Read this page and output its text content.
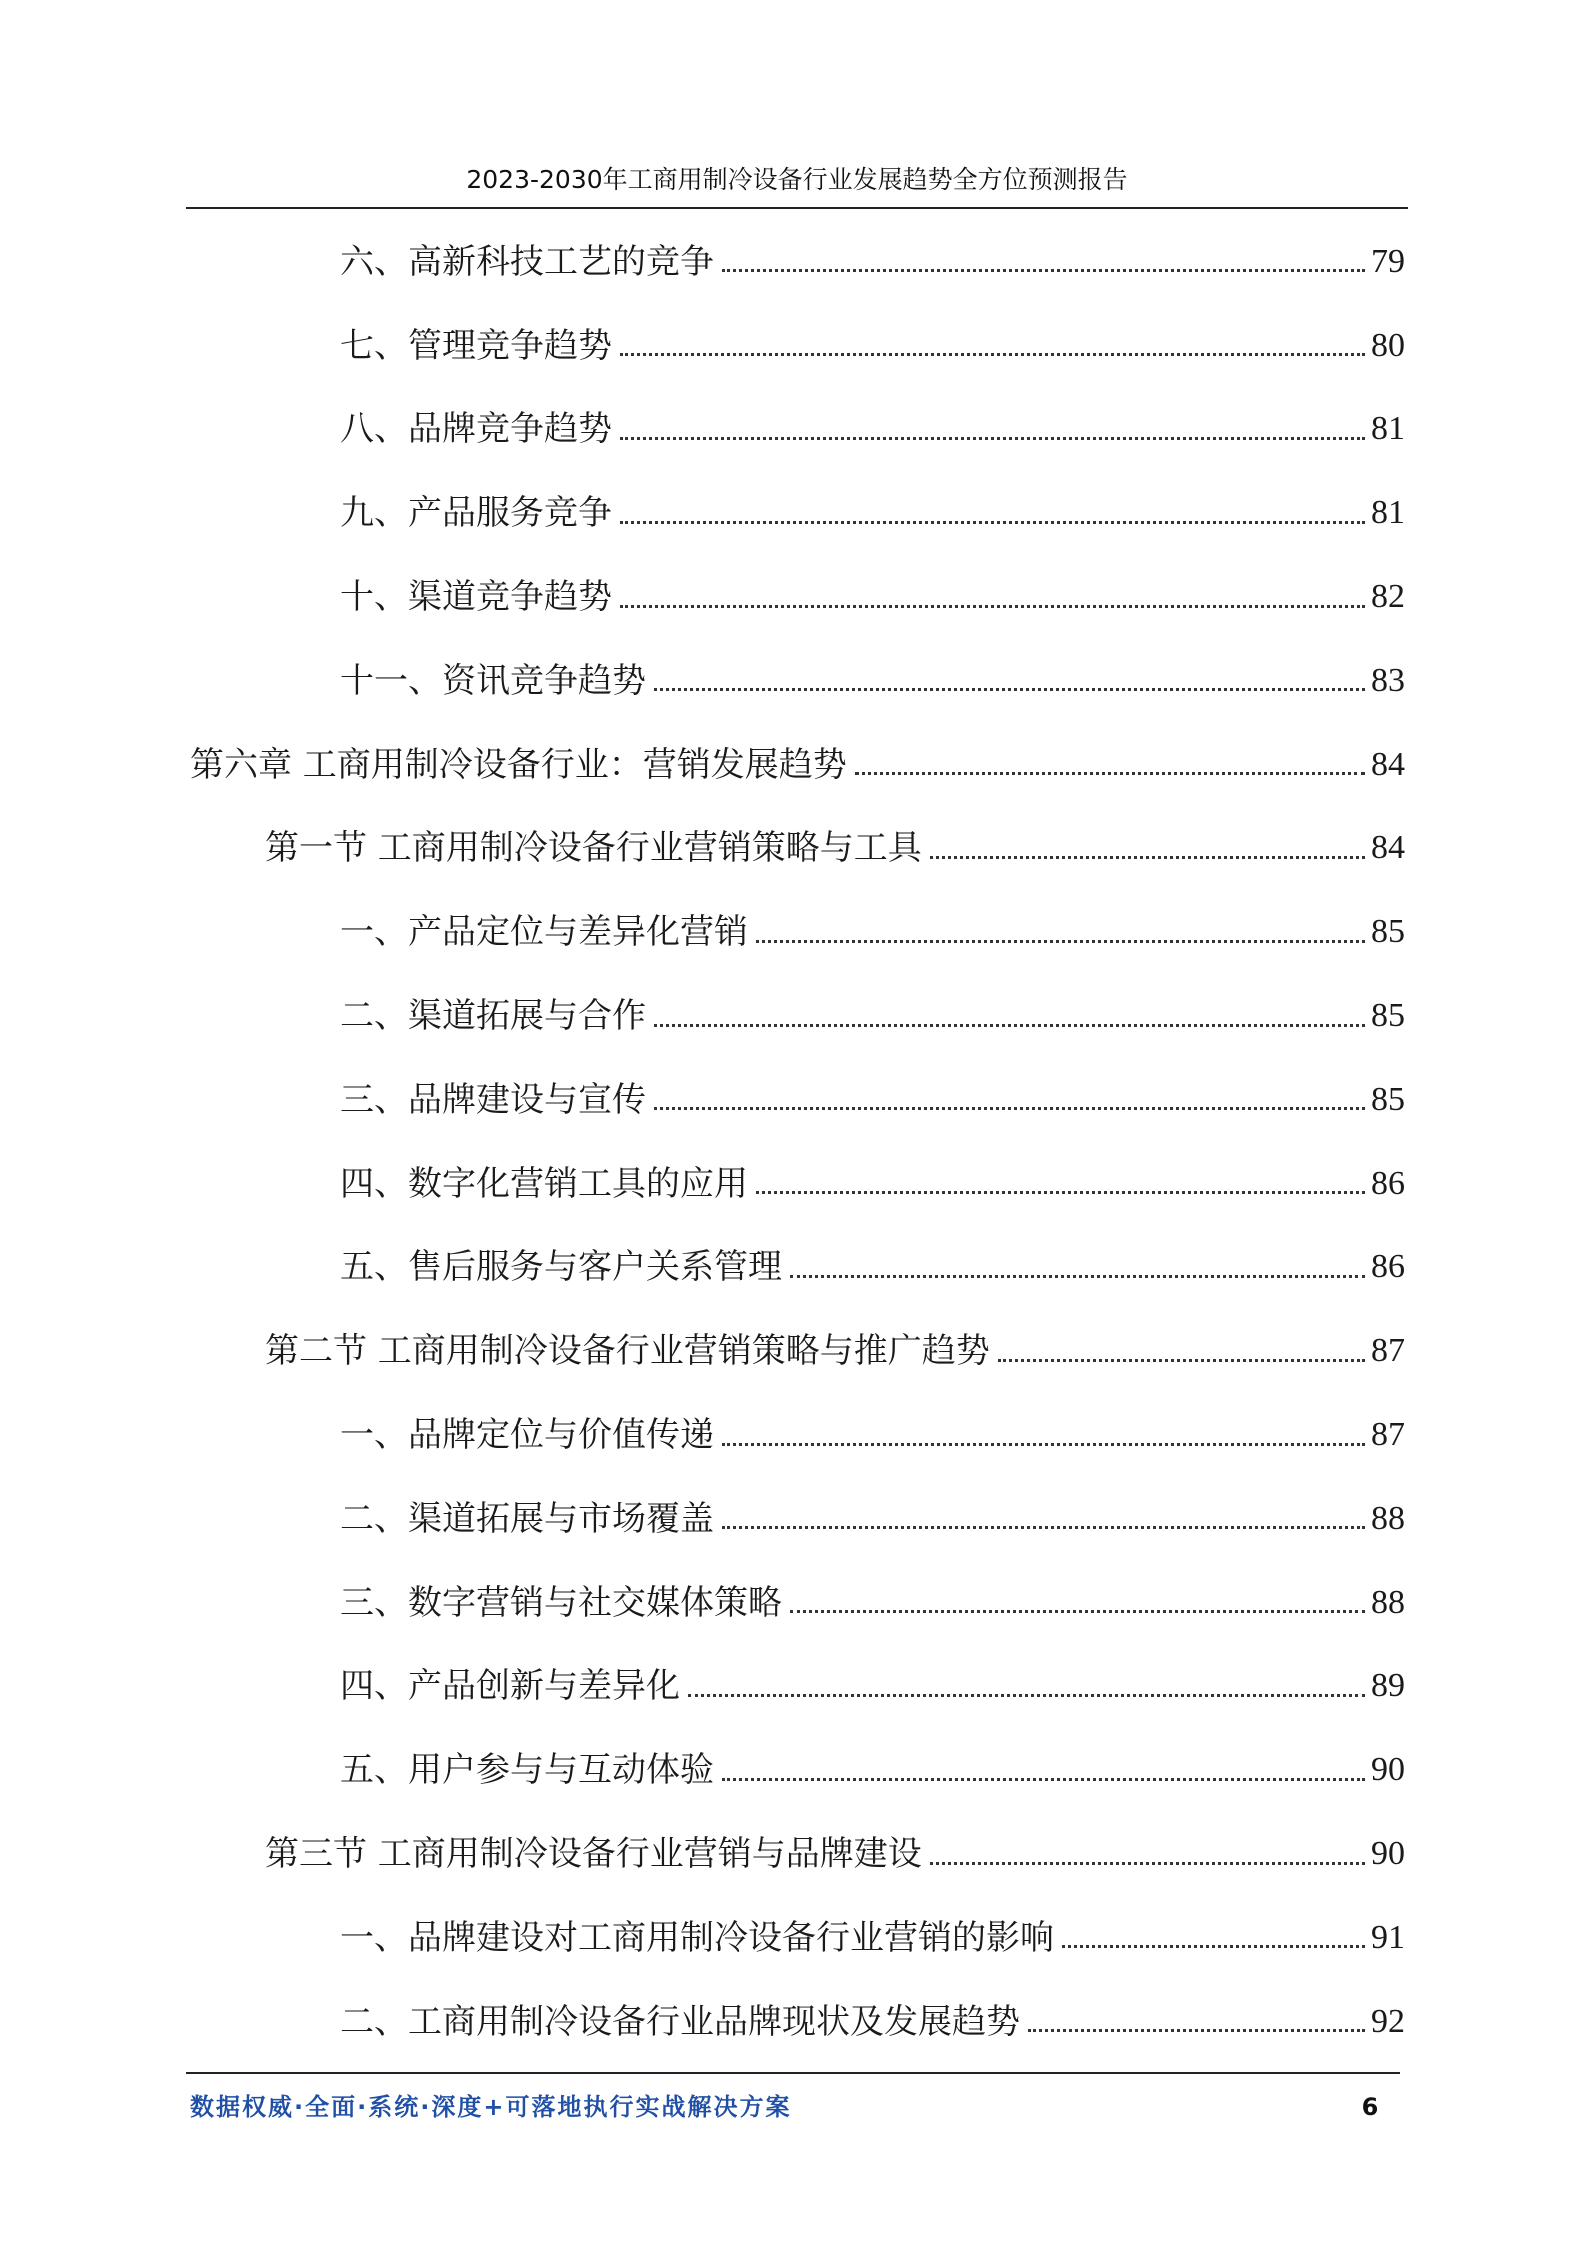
2023-2030年工商用制冷设备行业发展趋势全方位预测报告
六、高新科技工艺的竞争	79
七、管理竞争趋势	80
八、品牌竞争趋势	81
九、产品服务竞争	81
十、渠道竞争趋势	82
十一、资讯竞争趋势	83
第六章 工商用制冷设备行业：营销发展趋势	84
第一节 工商用制冷设备行业营销策略与工具	84
一、产品定位与差异化营销	85
二、渠道拓展与合作	85
三、品牌建设与宣传	85
四、数字化营销工具的应用	86
五、售后服务与客户关系管理	86
第二节 工商用制冷设备行业营销策略与推广趋势	87
一、品牌定位与价值传递	87
二、渠道拓展与市场覆盖	88
三、数字营销与社交媒体策略	88
四、产品创新与差异化	89
五、用户参与与互动体验	90
第三节 工商用制冷设备行业营销与品牌建设	90
一、品牌建设对工商用制冷设备行业营销的影响	91
二、工商用制冷设备行业品牌现状及发展趋势	92
数据权威·全面·系统·深度+可落地执行实战解决方案	6
